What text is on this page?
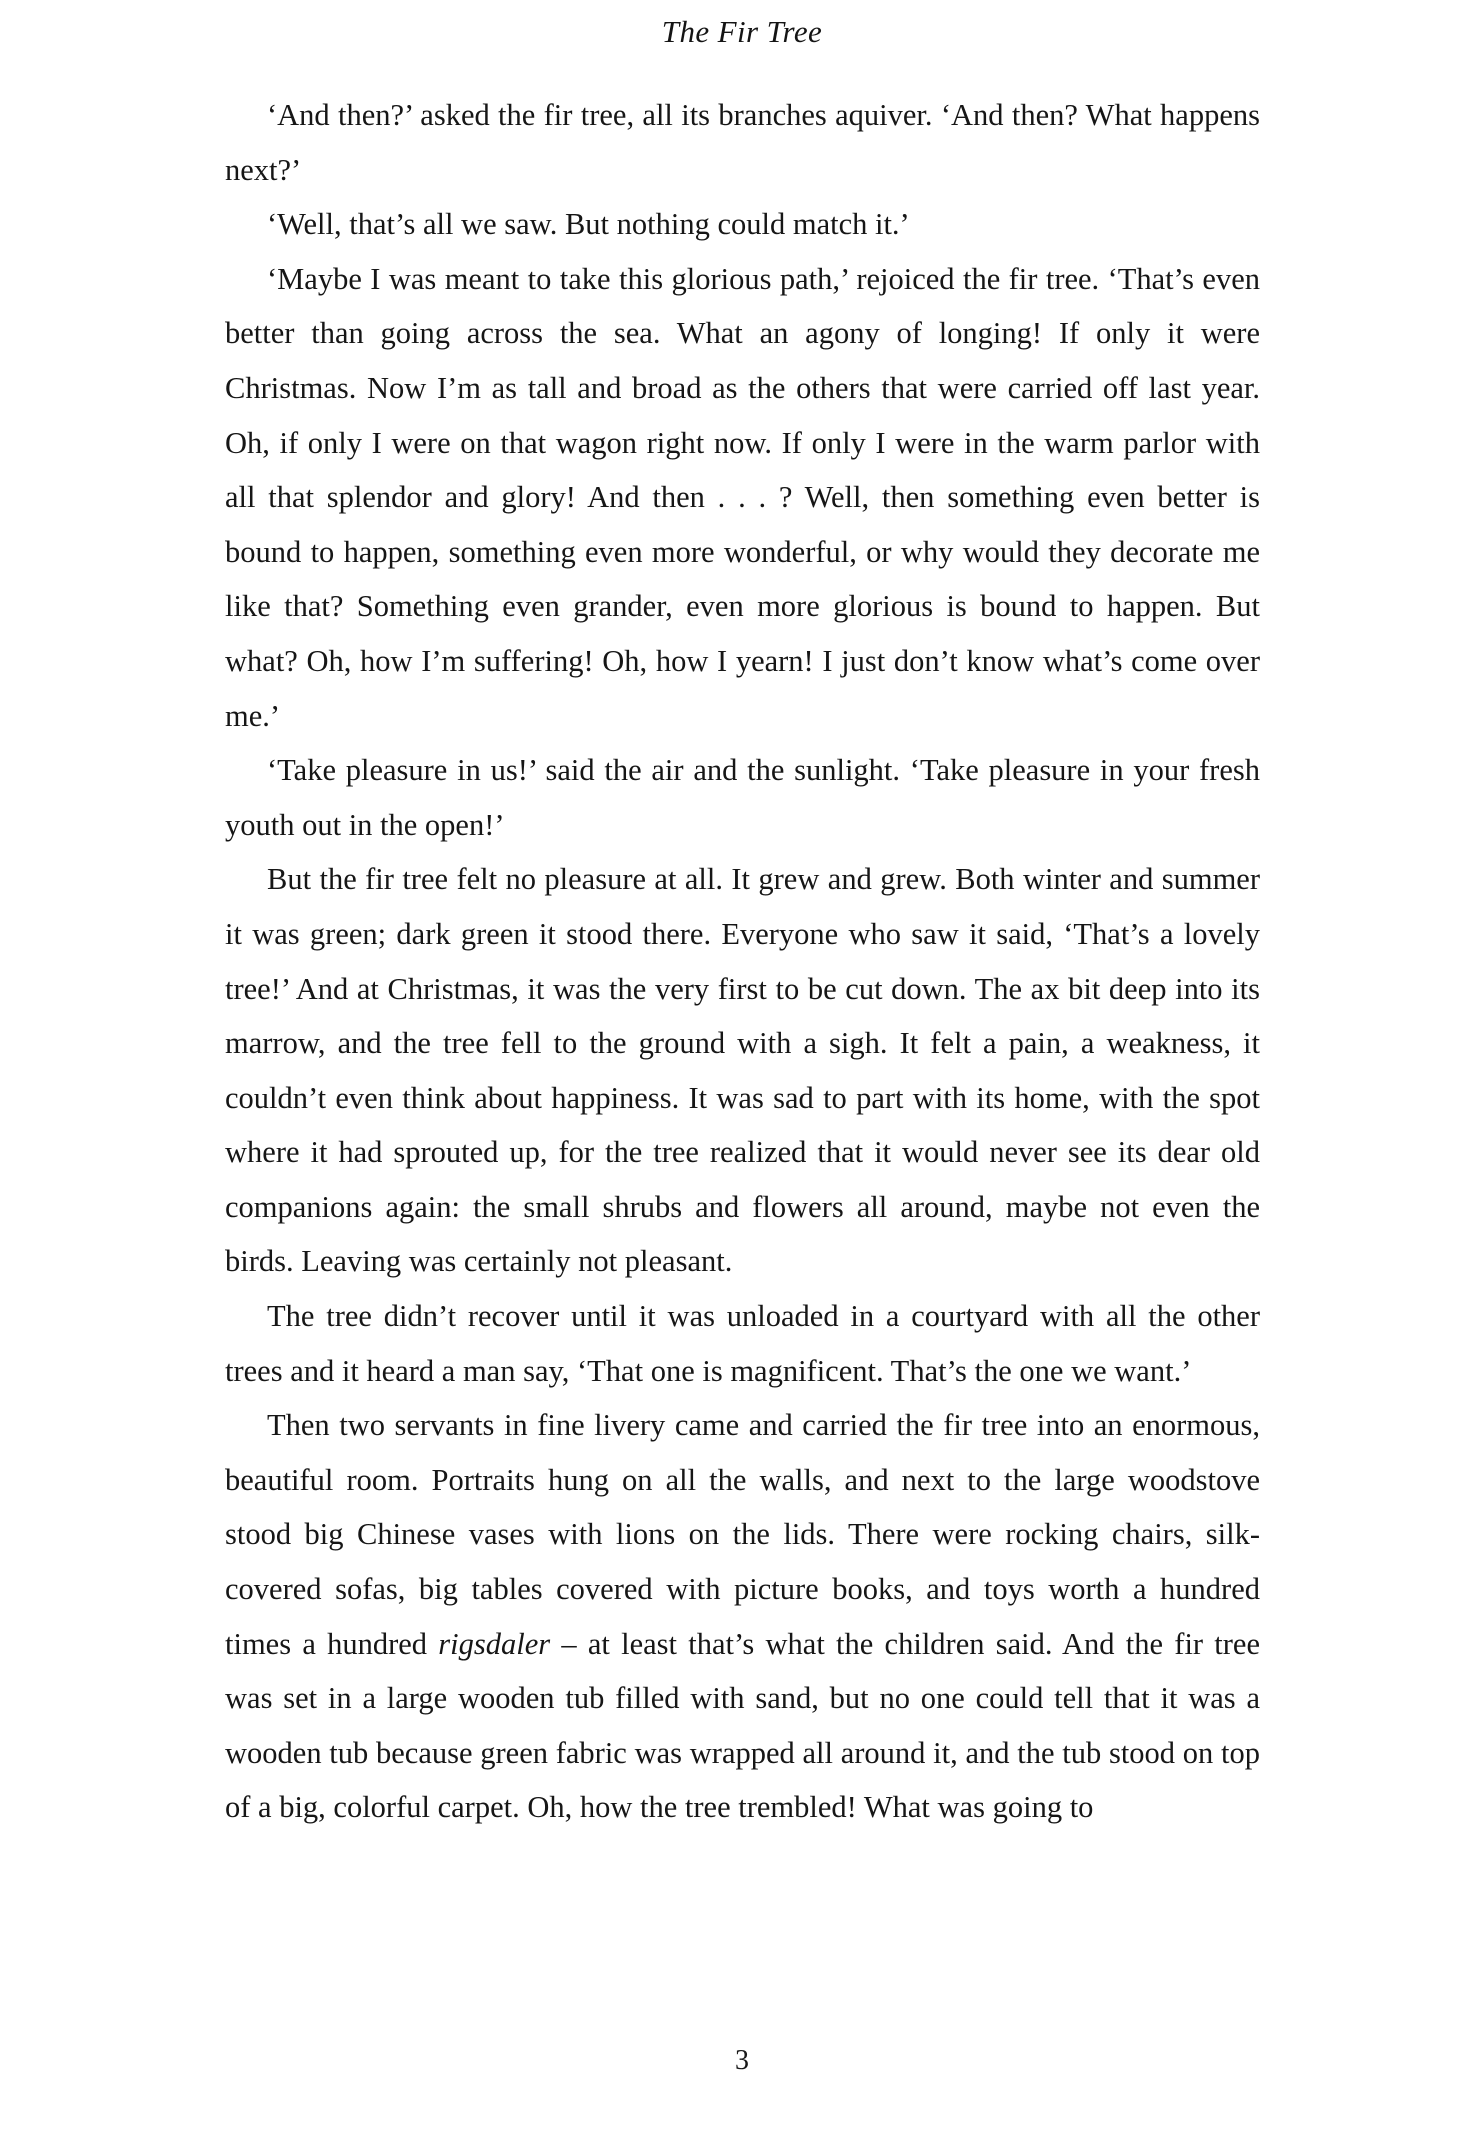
The Fir Tree

‘And then?’ asked the fir tree, all its branches aquiver. ‘And then? What happens next?’

‘Well, that’s all we saw. But nothing could match it.’

‘Maybe I was meant to take this glorious path,’ rejoiced the fir tree. ‘That’s even better than going across the sea. What an agony of longing! If only it were Christmas. Now I’m as tall and broad as the others that were carried off last year. Oh, if only I were on that wagon right now. If only I were in the warm parlor with all that splendor and glory! And then . . . ? Well, then something even better is bound to happen, something even more wonderful, or why would they decorate me like that? Something even grander, even more glorious is bound to happen. But what? Oh, how I’m suffering! Oh, how I yearn! I just don’t know what’s come over me.’

‘Take pleasure in us!’ said the air and the sunlight. ‘Take pleasure in your fresh youth out in the open!’

But the fir tree felt no pleasure at all. It grew and grew. Both winter and summer it was green; dark green it stood there. Everyone who saw it said, ‘That’s a lovely tree!’ And at Christmas, it was the very first to be cut down. The ax bit deep into its marrow, and the tree fell to the ground with a sigh. It felt a pain, a weakness, it couldn’t even think about happiness. It was sad to part with its home, with the spot where it had sprouted up, for the tree realized that it would never see its dear old companions again: the small shrubs and flowers all around, maybe not even the birds. Leaving was certainly not pleasant.

The tree didn’t recover until it was unloaded in a courtyard with all the other trees and it heard a man say, ‘That one is magnificent. That’s the one we want.’

Then two servants in fine livery came and carried the fir tree into an enormous, beautiful room. Portraits hung on all the walls, and next to the large woodstove stood big Chinese vases with lions on the lids. There were rocking chairs, silk-covered sofas, big tables covered with picture books, and toys worth a hundred times a hundred rigsdaler – at least that’s what the children said. And the fir tree was set in a large wooden tub filled with sand, but no one could tell that it was a wooden tub because green fabric was wrapped all around it, and the tub stood on top of a big, colorful carpet. Oh, how the tree trembled! What was going to

3
